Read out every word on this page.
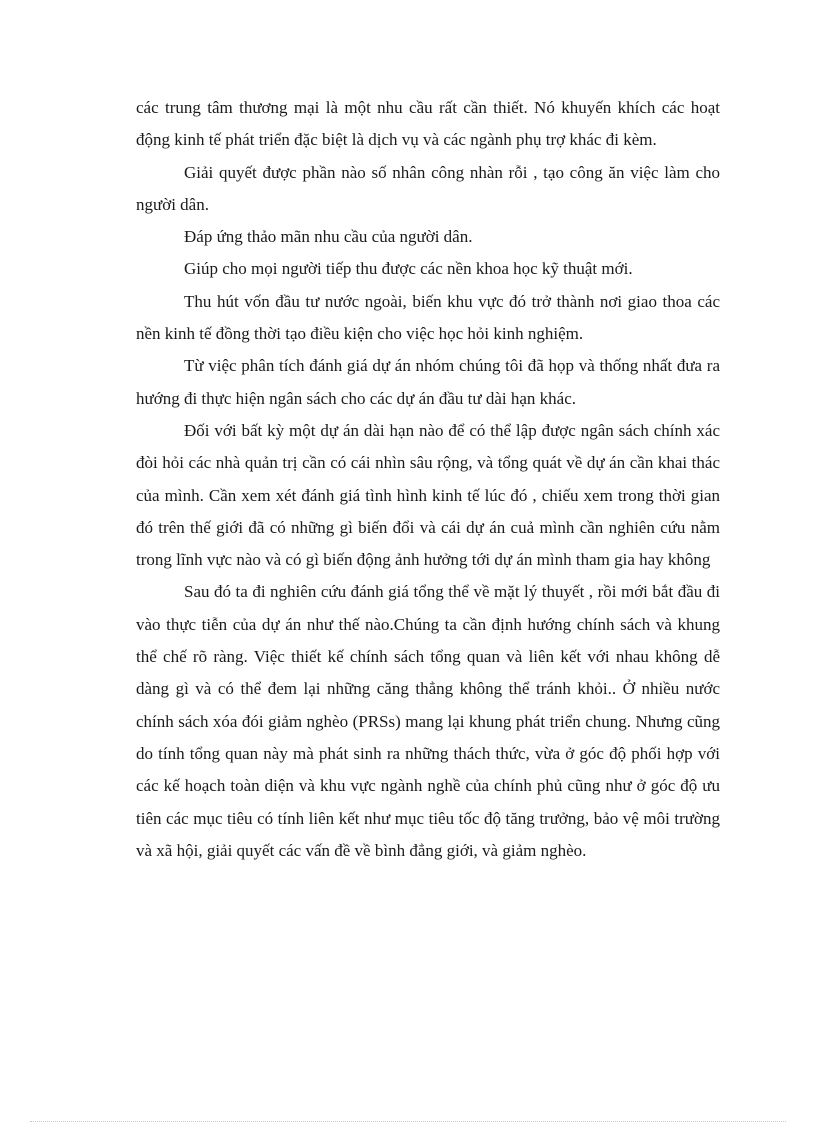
các trung tâm thương mại là một nhu cầu rất cần thiết. Nó khuyến khích các hoạt động kinh tế phát triển đặc biệt là dịch vụ và các ngành phụ trợ khác đi kèm.

Giải quyết được phần nào số nhân công nhàn rỗi , tạo công ăn việc làm cho người dân.

Đáp ứng thảo mãn nhu cầu của người dân.

Giúp cho mọi người tiếp thu được các nền khoa học kỹ thuật mới.

Thu hút vốn đầu tư nước ngoài, biến khu vực đó trở thành nơi giao thoa các nền kinh tế đồng thời tạo điều kiện cho việc học hỏi kinh nghiệm.

Từ việc phân tích đánh giá dự án nhóm chúng tôi đã họp và thống nhất đưa ra hướng đi thực hiện ngân sách cho các dự án đầu tư dài hạn khác.

Đối với bất kỳ một dự án dài hạn nào để có thể lập được ngân sách chính xác đòi hỏi các nhà quản trị cần có cái nhìn sâu rộng, và tổng quát về dự án cần khai thác của mình. Cần xem xét đánh giá tình hình kinh tế lúc đó , chiếu xem trong thời gian đó trên thế giới đã có những gì biến đổi và cái dự án cuả mình cần nghiên cứu nằm trong lĩnh vực nào và có gì biến động ảnh hưởng tới dự án mình tham gia hay không

Sau đó ta đi nghiên cứu đánh giá tổng thể về mặt lý thuyết , rồi mới bắt đầu đi vào thực tiễn của dự án như thế nào.Chúng ta cần định hướng chính sách và khung thể chế rõ ràng. Việc thiết kế chính sách tổng quan và liên kết với nhau không dễ dàng gì và có thể đem lại những căng thẳng không thể tránh khỏi.. Ở nhiều nước chính sách xóa đói giảm nghèo (PRSs) mang lại khung phát triển chung. Nhưng cũng do tính tổng quan này mà phát sinh ra những thách thức, vừa ở góc độ phối hợp với các kế hoạch toàn diện và khu vực ngành nghề của chính phủ cũng như ở góc độ ưu tiên các mục tiêu có tính liên kết như mục tiêu tốc độ tăng trưởng, bảo vệ môi trường và xã hội, giải quyết các vấn đề về bình đẳng giới, và giảm nghèo.
